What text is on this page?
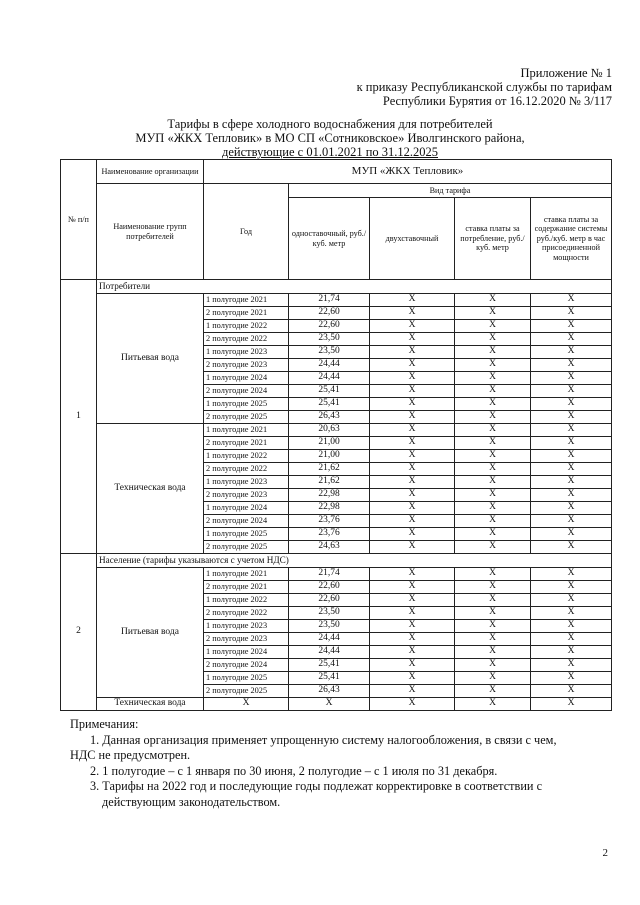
Приложение № 1
к приказу Республиканской службы по тарифам
Республики Бурятия от 16.12.2020 № 3/117
Тарифы в сфере холодного водоснабжения для потребителей
МУП «ЖКХ Тепловик» в МО СП «Сотниковское» Иволгинского района,
действующие с 01.01.2021 по 31.12.2025
№ п/п	Наименование организации	МУП «ЖКХ Тепловик»				
	Наименование групп потребителей	Год	Вид тарифа			
			одноставочный, руб./ куб. метр	двухставочный	ставка платы за потребление, руб./ куб. метр	ставка платы за содержание системы руб./куб. метр в час присоединенной мощности
1	Потребители					
	Питьевая вода	1 полугодие 2021	21,74	X	X	X
		2 полугодие 2021	22,60	X	X	X
		1 полугодие 2022	22,60	X	X	X
		2 полугодие 2022	23,50	X	X	X
		1 полугодие 2023	23,50	X	X	X
		2 полугодие 2023	24,44	X	X	X
		1 полугодие 2024	24,44	X	X	X
		2 полугодие 2024	25,41	X	X	X
		1 полугодие 2025	25,41	X	X	X
		2 полугодие 2025	26,43	X	X	X
	Техническая вода	1 полугодие 2021	20,63	X	X	X
		2 полугодие 2021	21,00	X	X	X
		1 полугодие 2022	21,00	X	X	X
		2 полугодие 2022	21,62	X	X	X
		1 полугодие 2023	21,62	X	X	X
		2 полугодие 2023	22,98	X	X	X
		1 полугодие 2024	22,98	X	X	X
		2 полугодие 2024	23,76	X	X	X
		1 полугодие 2025	23,76	X	X	X
		2 полугодие 2025	24,63	X	X	X
2	Население (тарифы указываются с учетом НДС)					
	Питьевая вода	1 полугодие 2021	21,74	X	X	X
		2 полугодие 2021	22,60	X	X	X
		1 полугодие 2022	22,60	X	X	X
		2 полугодие 2022	23,50	X	X	X
		1 полугодие 2023	23,50	X	X	X
		2 полугодие 2023	24,44	X	X	X
		1 полугодие 2024	24,44	X	X	X
		2 полугодие 2024	25,41	X	X	X
		1 полугодие 2025	25,41	X	X	X
		2 полугодие 2025	26,43	X	X	X
	Техническая вода	X	X	X	X	X

Примечания:

1. Данная организация применяет упрощенную систему налогообложения, в связи с чем,

НДС не предусмотрен.

2. 1 полугодие – с 1 января по 30 июня, 2 полугодие – с 1 июля по 31 декабря.

3. Тарифы на 2022 год и последующие годы подлежат корректировке в соответствии с действующим законодательством.

2
